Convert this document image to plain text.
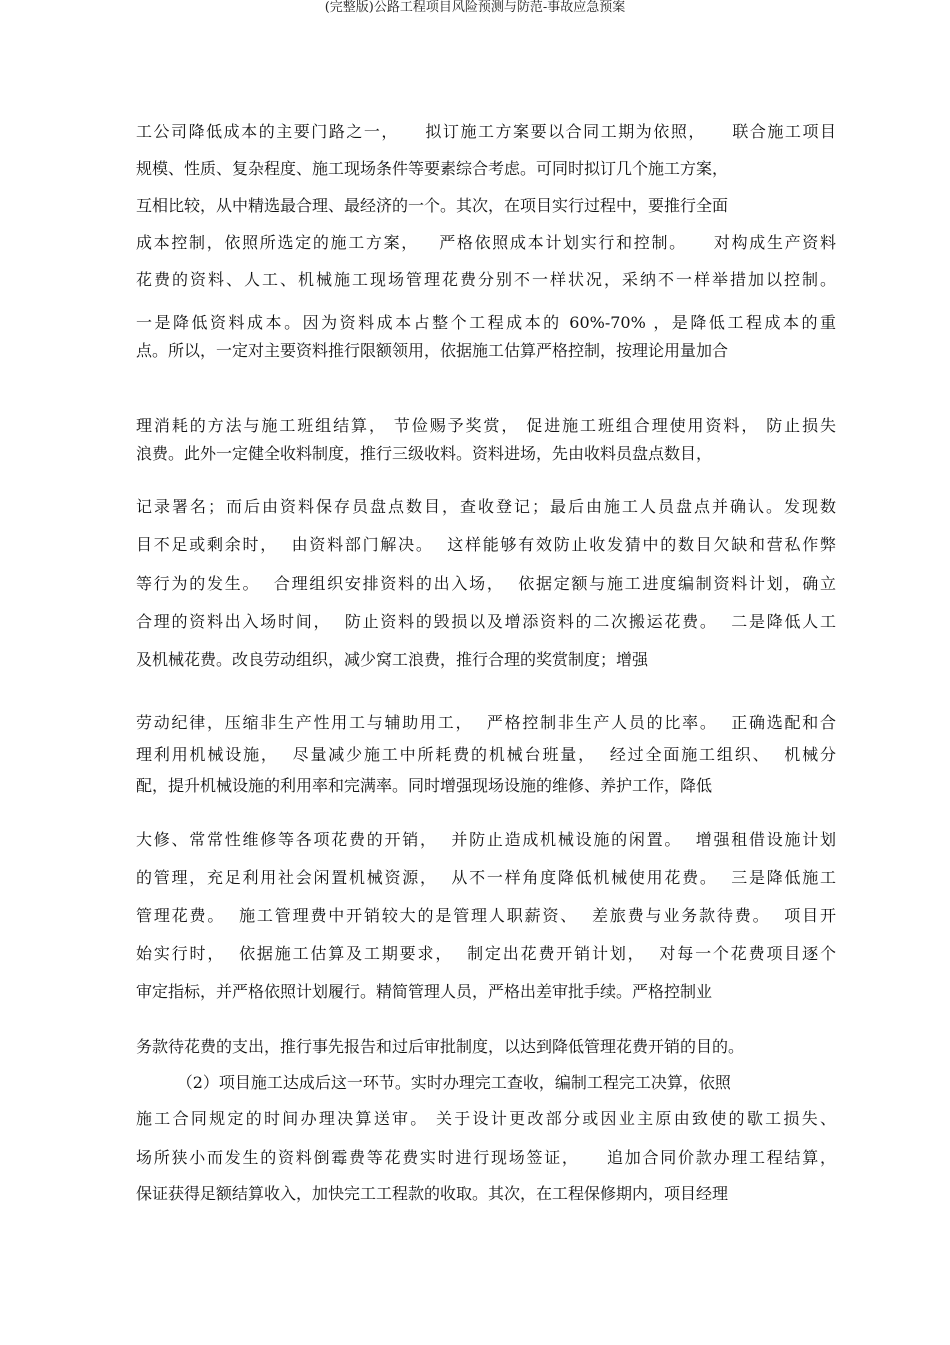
(完整版)公路工程项目风险预测与防范-事故应急预案
工公司降低成本的主要门路之一，    拟订施工方案要以合同工期为依照，    联合施工项目
规模、性质、复杂程度、施工现场条件等要素综合考虑。可同时拟订几个施工方案，
互相比较，从中精选最合理、最经济的一个。其次，在项目实行过程中，要推行全面
成本控制，依照所选定的施工方案，   严格依照成本计划实行和控制。    对构成生产资料
花费的资料、人工、机械施工现场管理花费分别不一样状况，采纳不一样举措加以控制。
一是降低资料成本。因为资料成本占整个工程成本的 60%-70% ，是降低工程成本的重
点。所以，一定对主要资料推行限额领用，依据施工估算严格控制，按理论用量加合
理消耗的方法与施工班组结算， 节俭赐予奖赏， 促进施工班组合理使用资料， 防止损失
浪费。此外一定健全收料制度，推行三级收料。资料进场，先由收料员盘点数目，
记录署名；而后由资料保存员盘点数目，查收登记；最后由施工人员盘点并确认。发现数
目不足或剩余时，  由资料部门解决。  这样能够有效防止收发猜中的数目欠缺和营私作弊
等行为的发生。  合理组织安排资料的出入场，  依据定额与施工进度编制资料计划，确立
合理的资料出入场时间，  防止资料的毁损以及增添资料的二次搬运花费。  二是降低人工
及机械花费。改良劳动组织，减少窝工浪费，推行合理的奖赏制度；增强
劳动纪律，压缩非生产性用工与辅助用工，  严格控制非生产人员的比率。  正确选配和合
理利用机械设施，  尽量减少施工中所耗费的机械台班量，  经过全面施工组织、  机械分
配，提升机械设施的利用率和完满率。同时增强现场设施的维修、养护工作，降低
大修、常常性维修等各项花费的开销，  并防止造成机械设施的闲置。  增强租借设施计划
的管理，充足利用社会闲置机械资源，  从不一样角度降低机械使用花费。  三是降低施工
管理花费。  施工管理费中开销较大的是管理人职薪资、  差旅费与业务款待费。  项目开
始实行时，  依据施工估算及工期要求，  制定出花费开销计划，  对每一个花费项目逐个
审定指标，并严格依照计划履行。精简管理人员，严格出差审批手续。严格控制业
务款待花费的支出，推行事先报告和过后审批制度，以达到降低管理花费开销的目的。
（2）项目施工达成后这一环节。实时办理完工查收，编制工程完工决算，依照
施工合同规定的时间办理决算送审。 关于设计更改部分或因业主原由致使的歇工损失、
场所狭小而发生的资料倒霉费等花费实时进行现场签证，    追加合同价款办理工程结算，
保证获得足额结算收入，加快完工工程款的收取。其次，在工程保修期内，项目经理
